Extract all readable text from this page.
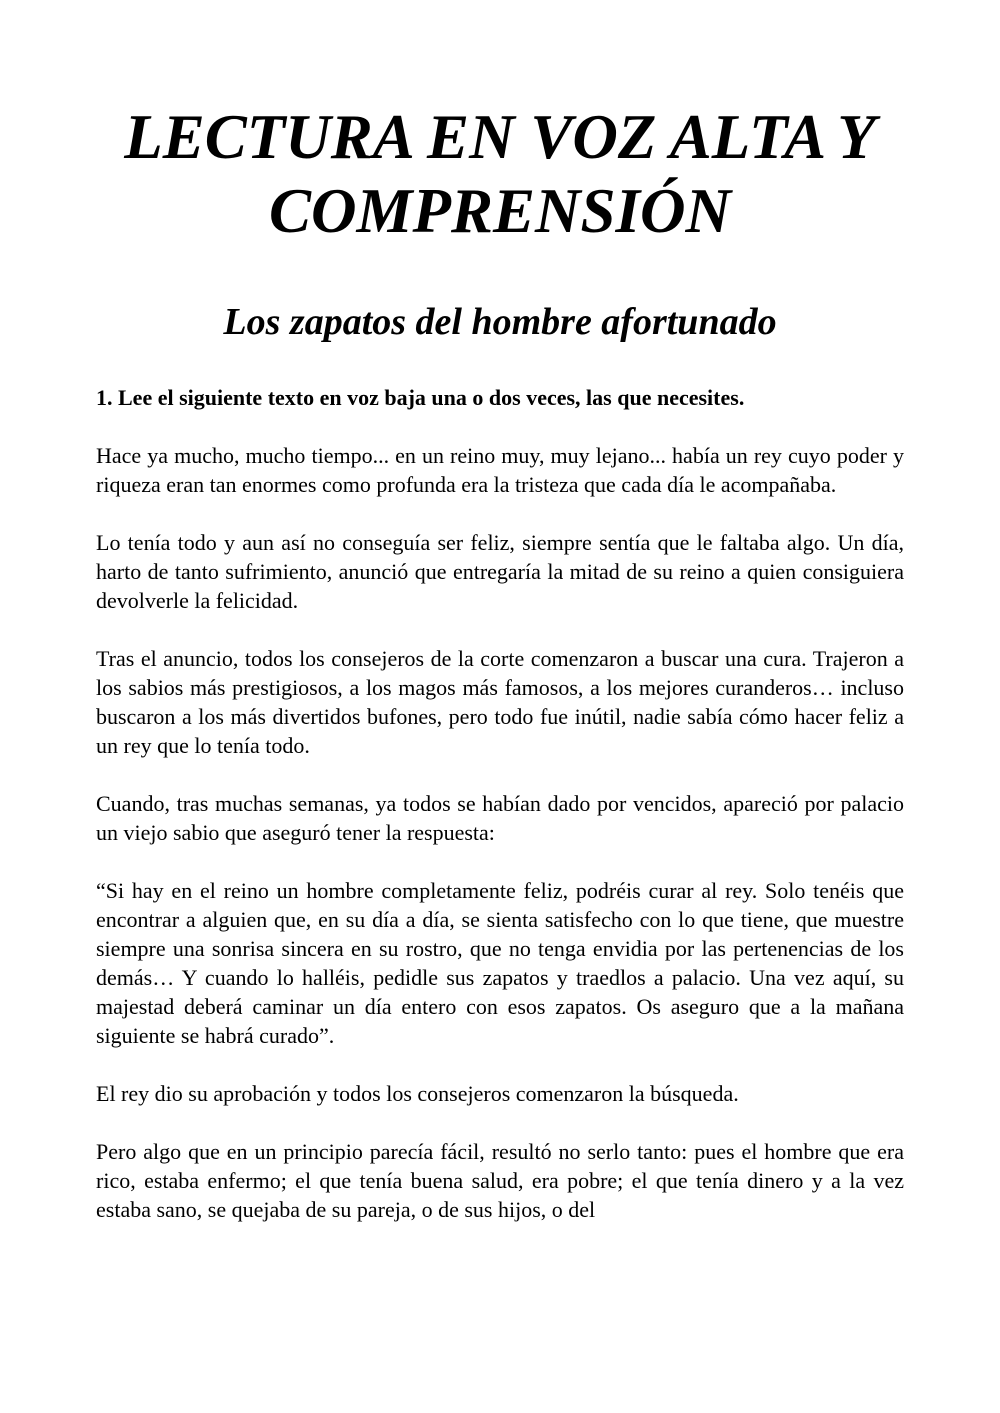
LECTURA EN VOZ ALTA Y
COMPRENSIÓN
Los zapatos del hombre afortunado

1. Lee el siguiente texto en voz baja una o dos veces, las que necesites.

Hace ya mucho, mucho tiempo... en un reino muy, muy lejano... había un rey cuyo poder y riqueza eran tan enormes como profunda era la tristeza que cada día le acompañaba.

Lo tenía todo y aun así no conseguía ser feliz, siempre sentía que le faltaba algo. Un día, harto de tanto sufrimiento, anunció que entregaría la mitad de su reino a quien consiguiera devolverle la felicidad.

Tras el anuncio, todos los consejeros de la corte comenzaron a buscar una cura. Trajeron a los sabios más prestigiosos, a los magos más famosos, a los mejores curanderos… incluso buscaron a los más divertidos bufones, pero todo fue inútil, nadie sabía cómo hacer feliz a un rey que lo tenía todo.

Cuando, tras muchas semanas, ya todos se habían dado por vencidos, apareció por palacio un viejo sabio que aseguró tener la respuesta:

“Si hay en el reino un hombre completamente feliz, podréis curar al rey. Solo tenéis que encontrar a alguien que, en su día a día, se sienta satisfecho con lo que tiene, que muestre siempre una sonrisa sincera en su rostro, que no tenga envidia por las pertenencias de los demás… Y cuando lo halléis, pedidle sus zapatos y traedlos a palacio. Una vez aquí, su majestad deberá caminar un día entero con esos zapatos. Os aseguro que a la mañana siguiente se habrá curado”.

El rey dio su aprobación y todos los consejeros comenzaron la búsqueda.

Pero algo que en un principio parecía fácil, resultó no serlo tanto: pues el hombre que era rico, estaba enfermo; el que tenía buena salud, era pobre; el que tenía dinero y a la vez estaba sano, se quejaba de su pareja, o de sus hijos, o del
